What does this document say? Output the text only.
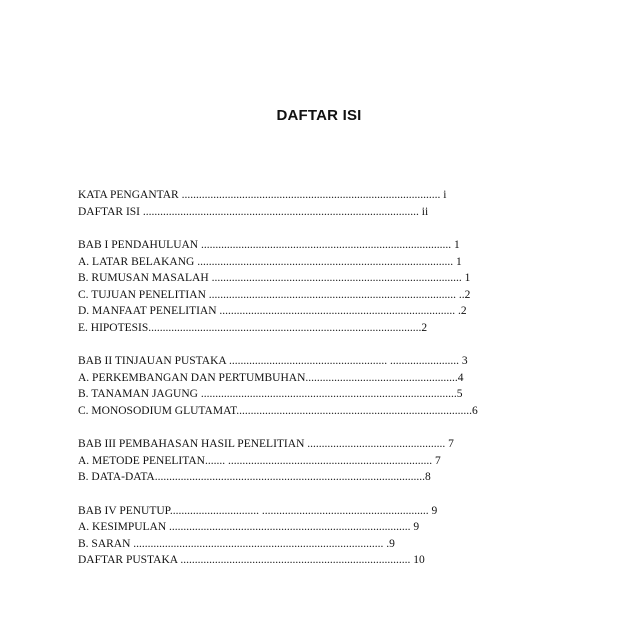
DAFTAR ISI
KATA PENGANTAR .......................................................................................... i
DAFTAR ISI ................................................................................................ ii
BAB I PENDAHULUAN ....................................................................................... 1
A. LATAR BELAKANG ......................................................................................... 1
B. RUMUSAN MASALAH ....................................................................................... 1
C. TUJUAN PENELITIAN ...................................................................................... ..2
D. MANFAAT PENELITIAN .................................................................................. .2
E. HIPOTESIS...............................................................................................2
BAB II TINJAUAN PUSTAKA ....................................................... ........................ 3
A. PERKEMBANGAN DAN PERTUMBUHAN.....................................................4
B. TANAMAN JAGUNG .........................................................................................5
C. MONOSODIUM GLUTAMAT..................................................................................6
BAB III PEMBAHASAN HASIL PENELITIAN ................................................ 7
A. METODE PENELITAN....... ....................................................................... 7
B. DATA-DATA..............................................................................................8
BAB IV PENUTUP............................... .......................................................... 9
A. KESIMPULAN .................................................................................... 9
B. SARAN ....................................................................................... .9
DAFTAR PUSTAKA ................................................................................ 10
